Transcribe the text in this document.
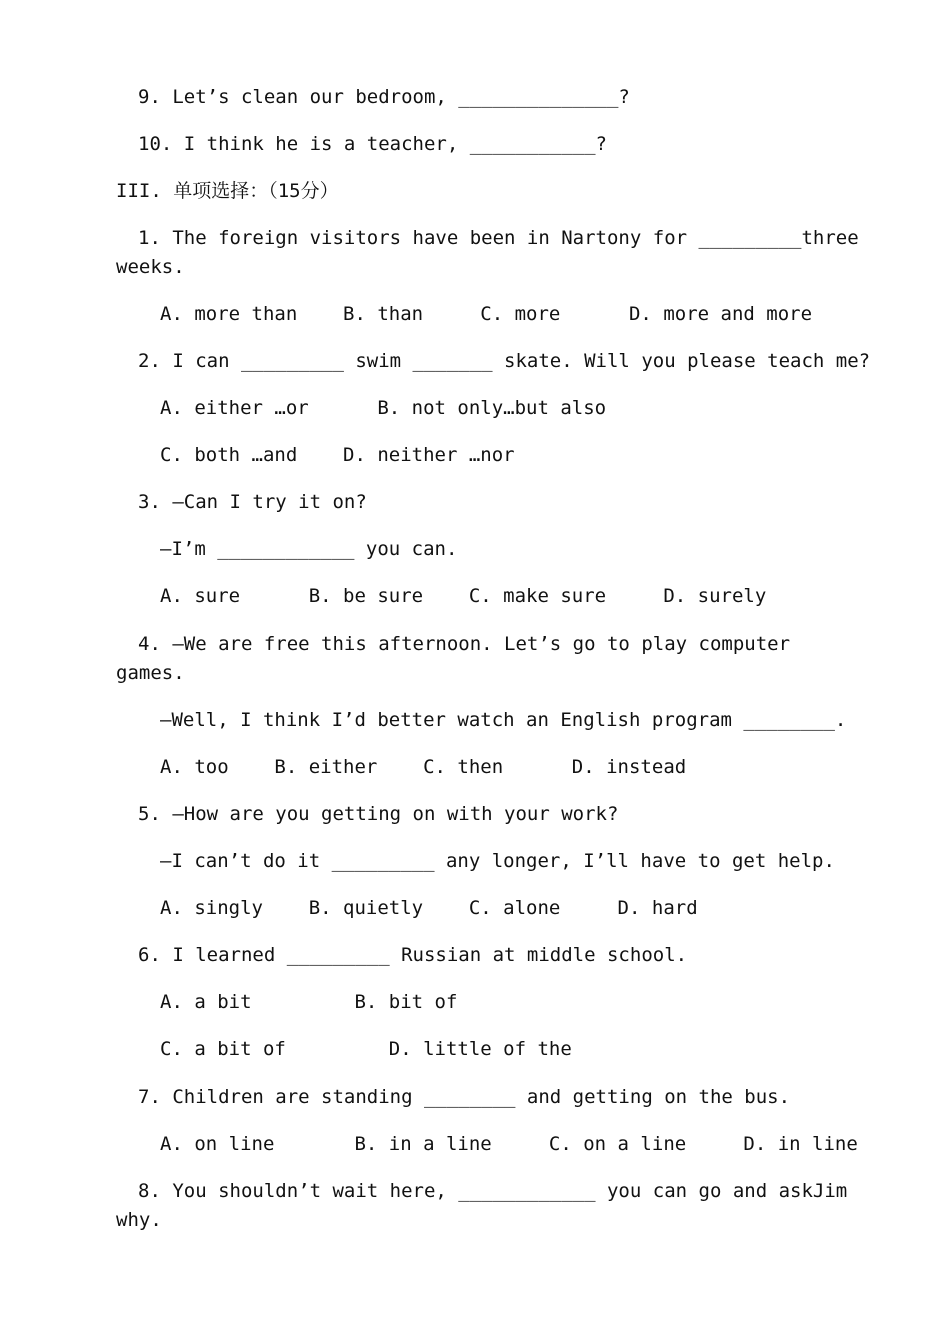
9. Let’s clean our bedroom, ______________?

10. I think he is a teacher, ___________?

III. 单项选择：（15分）

1. The foreign visitors have been in Nartony for _________ three

weeks.

A. more than    B. than     C. more      D. more and more

2. I can _________ swim _______ skate. Will you please teach me?

A. either …or      B. not only…but also

C. both …and    D. neither …nor

3. —Can I try it on?

—I’m ____________ you can.

A. sure      B. be sure    C. make sure     D. surely

4. —We are free this afternoon. Let’s go to play computer

games.

—Well, I think I’d better watch an English program ________.

A. too    B. either    C. then      D. instead

5. —How are you getting on with your work?

—I can’t do it _________ any longer, I’ll have to get help.

A. singly    B. quietly    C. alone     D. hard

6. I learned _________ Russian at middle school.

A. a bit         B. bit of

C. a bit of         D. little of the

7. Children are standing ________ and getting on the bus.

A. on line       B. in a line     C. on a line     D. in line

8. You shouldn’t wait here, ____________ you can go and ask Jim

why.
